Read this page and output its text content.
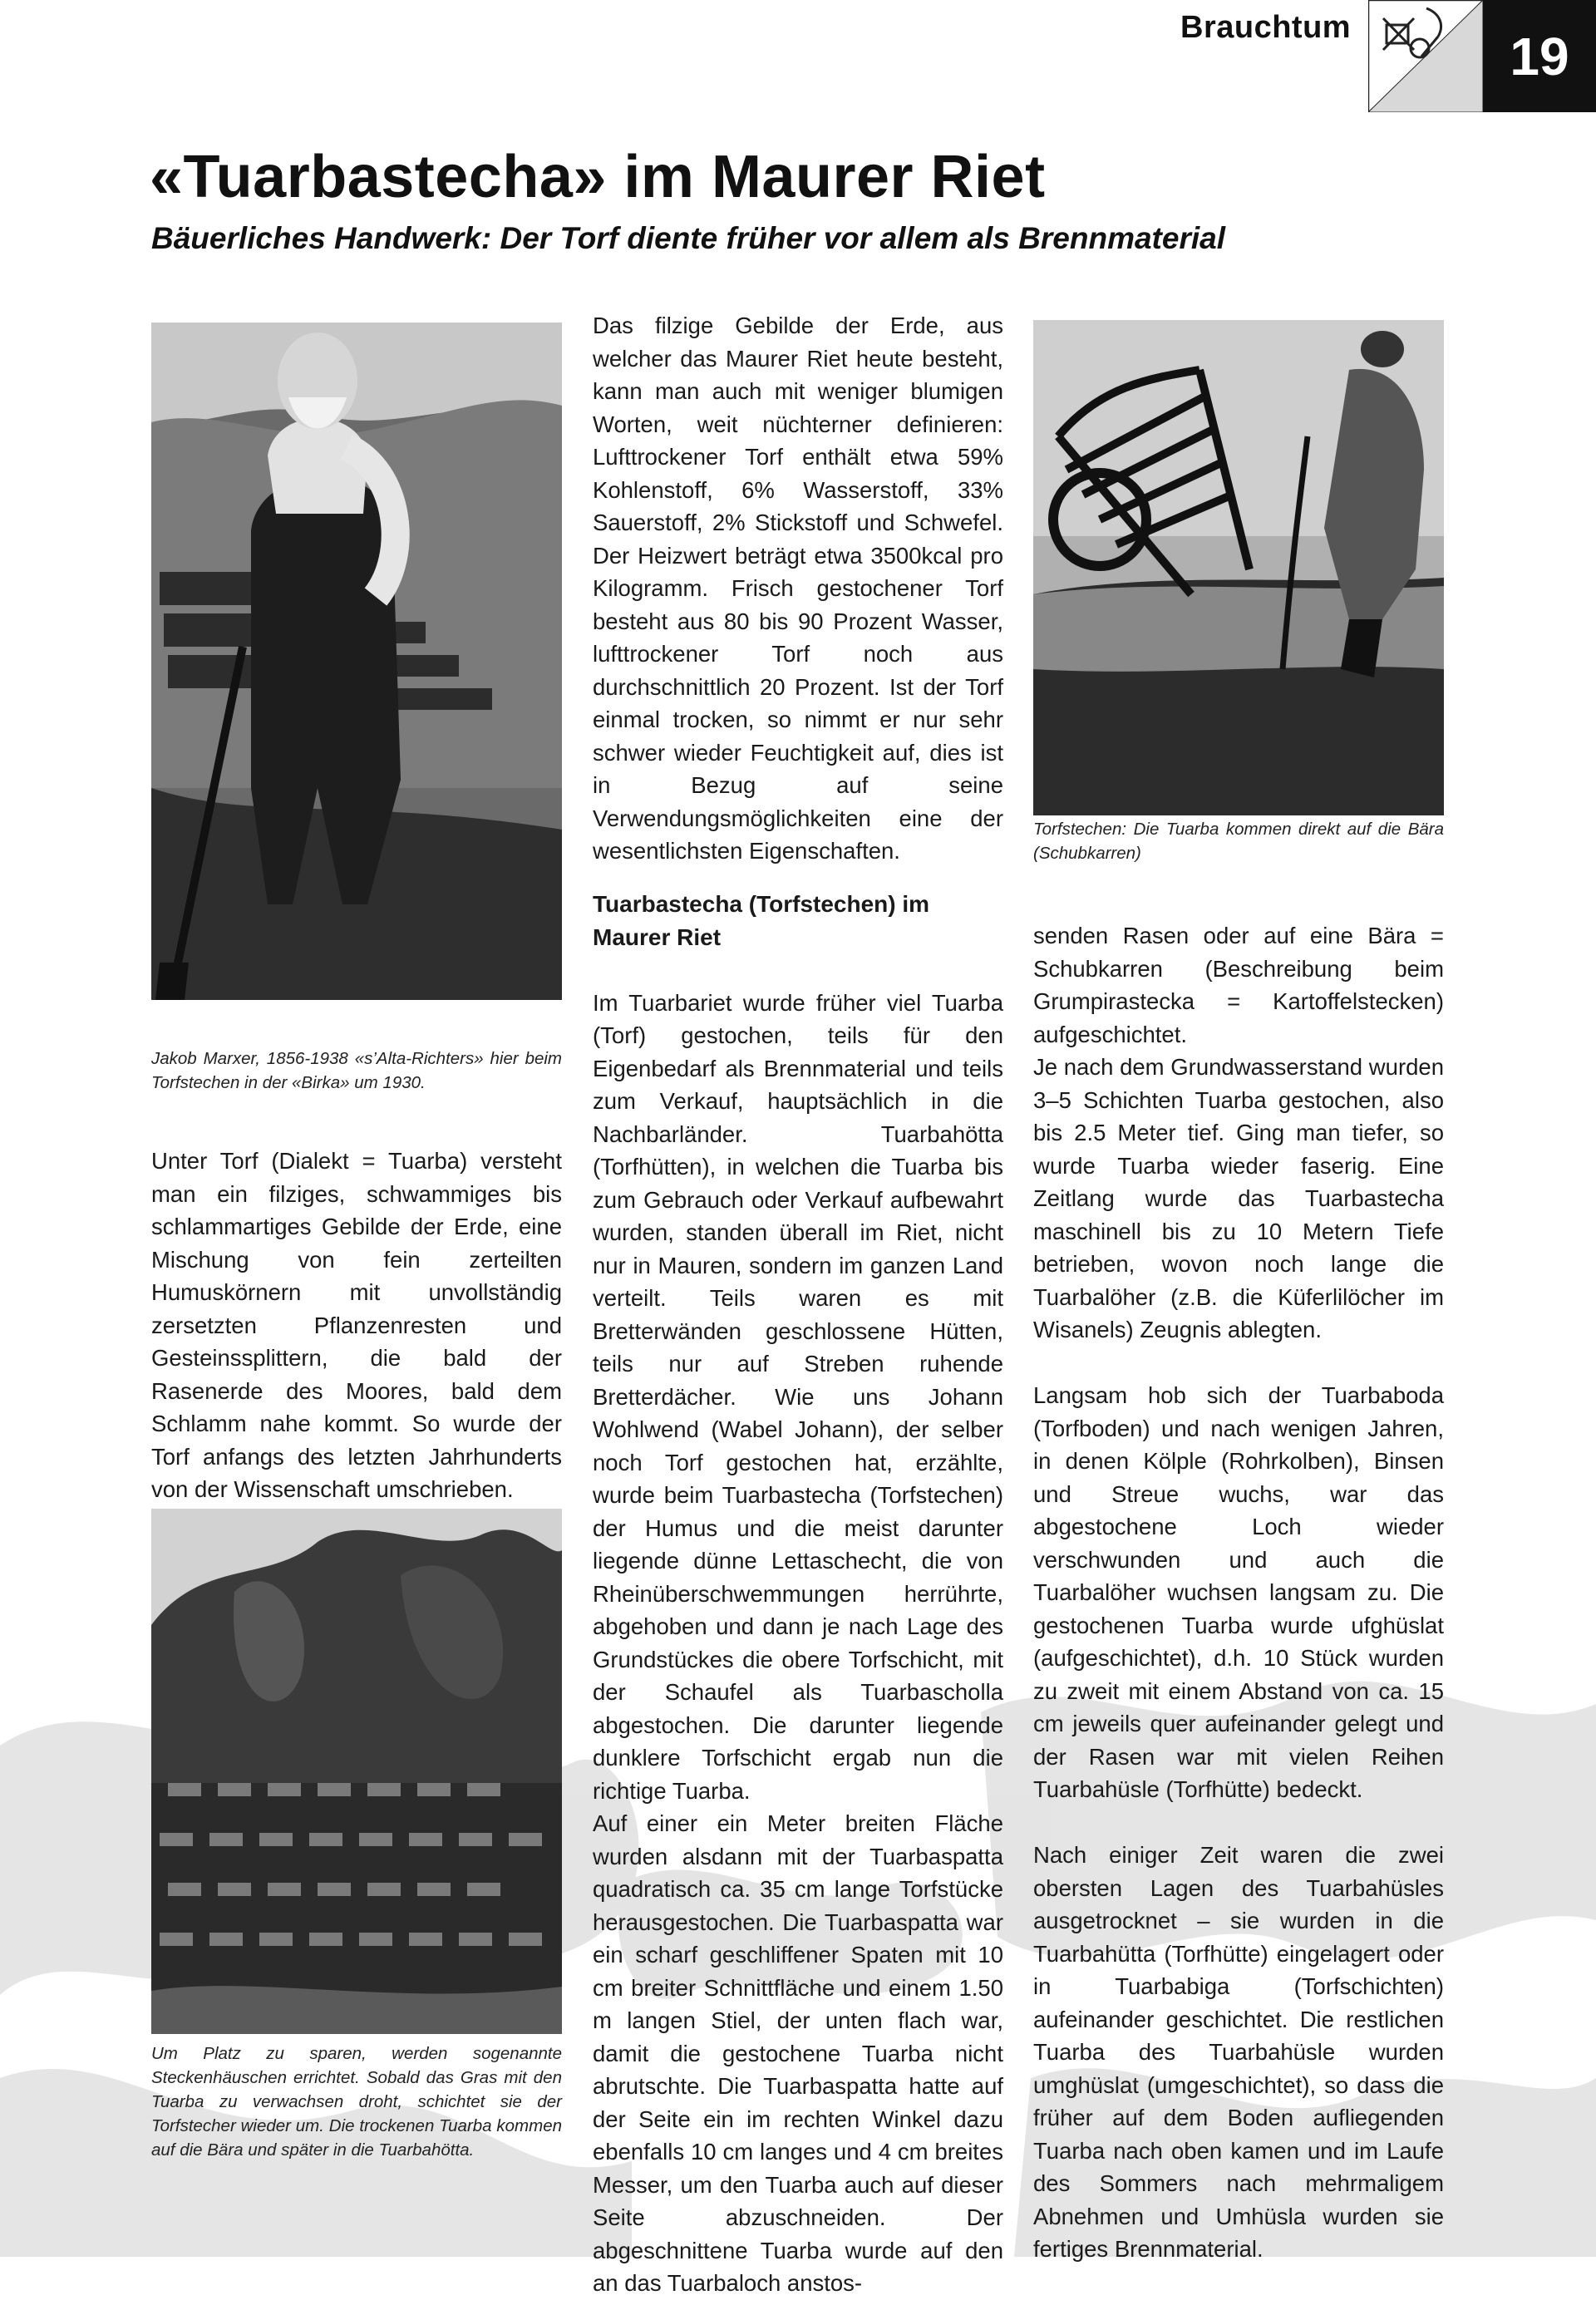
Brauchtum	19
«Tuarbastecha» im Maurer Riet
Bäuerliches Handwerk: Der Torf diente früher vor allem als Brennmaterial

Jakob Marxer, 1856-1938 «s’Alta-Richters» hier beim Torfstechen in der «Birka» um 1930.

Unter Torf (Dialekt = Tuarba) versteht man ein filziges, schwammiges bis schlammartiges Gebilde der Erde, eine Mischung von fein zerteilten Humuskörnern mit unvollständig zersetzten Pflanzenresten und Gesteinssplittern, die bald der Rasenerde des Moores, bald dem Schlamm nahe kommt. So wurde der Torf anfangs des letzten Jahrhunderts von der Wissenschaft umschrieben.

Um Platz zu sparen, werden sogenannte Steckenhäuschen errichtet. Sobald das Gras mit den Tuarba zu verwachsen droht, schichtet sie der Torfstecher wieder um. Die trockenen Tuarba kommen auf die Bära und später in die Tuarbahötta.

Das filzige Gebilde der Erde, aus welcher das Maurer Riet heute besteht, kann man auch mit weniger blumigen Worten, weit nüchterner definieren: Lufttrockener Torf enthält etwa 59% Kohlenstoff, 6% Wasserstoff, 33% Sauerstoff, 2% Stickstoff und Schwefel. Der Heizwert beträgt etwa 3500kcal pro Kilogramm. Frisch gestochener Torf besteht aus 80 bis 90 Prozent Wasser, lufttrockener Torf noch aus durchschnittlich 20 Prozent. Ist der Torf einmal trocken, so nimmt er nur sehr schwer wieder Feuchtigkeit auf, dies ist in Bezug auf seine Verwendungsmöglichkeiten eine der wesentlichsten Eigenschaften.

Tuarbastecha (Torfstechen) im Maurer Riet

Im Tuarbariet wurde früher viel Tuarba (Torf) gestochen, teils für den Eigenbedarf als Brennmaterial und teils zum Verkauf, hauptsächlich in die Nachbarländer. Tuarbahötta (Torfhütten), in welchen die Tuarba bis zum Gebrauch oder Verkauf aufbewahrt wurden, standen überall im Riet, nicht nur in Mauren, sondern im ganzen Land verteilt. Teils waren es mit Bretterwänden geschlossene Hütten, teils nur auf Streben ruhende Bretterdächer. Wie uns Johann Wohlwend (Wabel Johann), der selber noch Torf gestochen hat, erzählte, wurde beim Tuarbastecha (Torfstechen) der Humus und die meist darunter liegende dünne Lettaschecht, die von Rheinüberschwemmungen herrührte, abgehoben und dann je nach Lage des Grundstückes die obere Torfschicht, mit der Schaufel als Tuarbascholla abgestochen. Die darunter liegende dunklere Torfschicht ergab nun die richtige Tuarba.

Auf einer ein Meter breiten Fläche wurden alsdann mit der Tuarbaspatta quadratisch ca. 35 cm lange Torfstücke herausgestochen. Die Tuarbaspatta war ein scharf geschliffener Spaten mit 10 cm breiter Schnittfläche und einem 1.50 m langen Stiel, der unten flach war, damit die gestochene Tuarba nicht abrutschte. Die Tuarbaspatta hatte auf der Seite ein im rechten Winkel dazu ebenfalls 10 cm langes und 4 cm breites Messer, um den Tuarba auch auf dieser Seite abzuschneiden. Der abgeschnittene Tuarba wurde auf den an das Tuarbaloch anstos-

Torfstechen: Die Tuarba kommen direkt auf die Bära (Schubkarren)

senden Rasen oder auf eine Bära = Schubkarren (Beschreibung beim Grumpirastecka = Kartoffelstecken) aufgeschichtet.

Je nach dem Grundwasserstand wurden 3–5 Schichten Tuarba gestochen, also bis 2.5 Meter tief. Ging man tiefer, so wurde Tuarba wieder faserig. Eine Zeitlang wurde das Tuarbastecha maschinell bis zu 10 Metern Tiefe betrieben, wovon noch lange die Tuarbalöher (z.B. die Küferlilöcher im Wisanels) Zeugnis ablegten.

Langsam hob sich der Tuarbaboda (Torfboden) und nach wenigen Jahren, in denen Kölple (Rohrkolben), Binsen und Streue wuchs, war das abgestochene Loch wieder verschwunden und auch die Tuarbalöher wuchsen langsam zu. Die gestochenen Tuarba wurde ufghüslat (aufgeschichtet), d.h. 10 Stück wurden zu zweit mit einem Abstand von ca. 15 cm jeweils quer aufeinander gelegt und der Rasen war mit vielen Reihen Tuarbahüsle (Torfhütte) bedeckt.

Nach einiger Zeit waren die zwei obersten Lagen des Tuarbahüsles ausgetrocknet – sie wurden in die Tuarbahütta (Torfhütte) eingelagert oder in Tuarbabiga (Torfschichten) aufeinander geschichtet. Die restlichen Tuarba des Tuarbahüsle wurden umghüslat (umgeschichtet), so dass die früher auf dem Boden aufliegenden Tuarba nach oben kamen und im Laufe des Sommers nach mehrmaligem Abnehmen und Umhüsla wurden sie fertiges Brennmaterial.
